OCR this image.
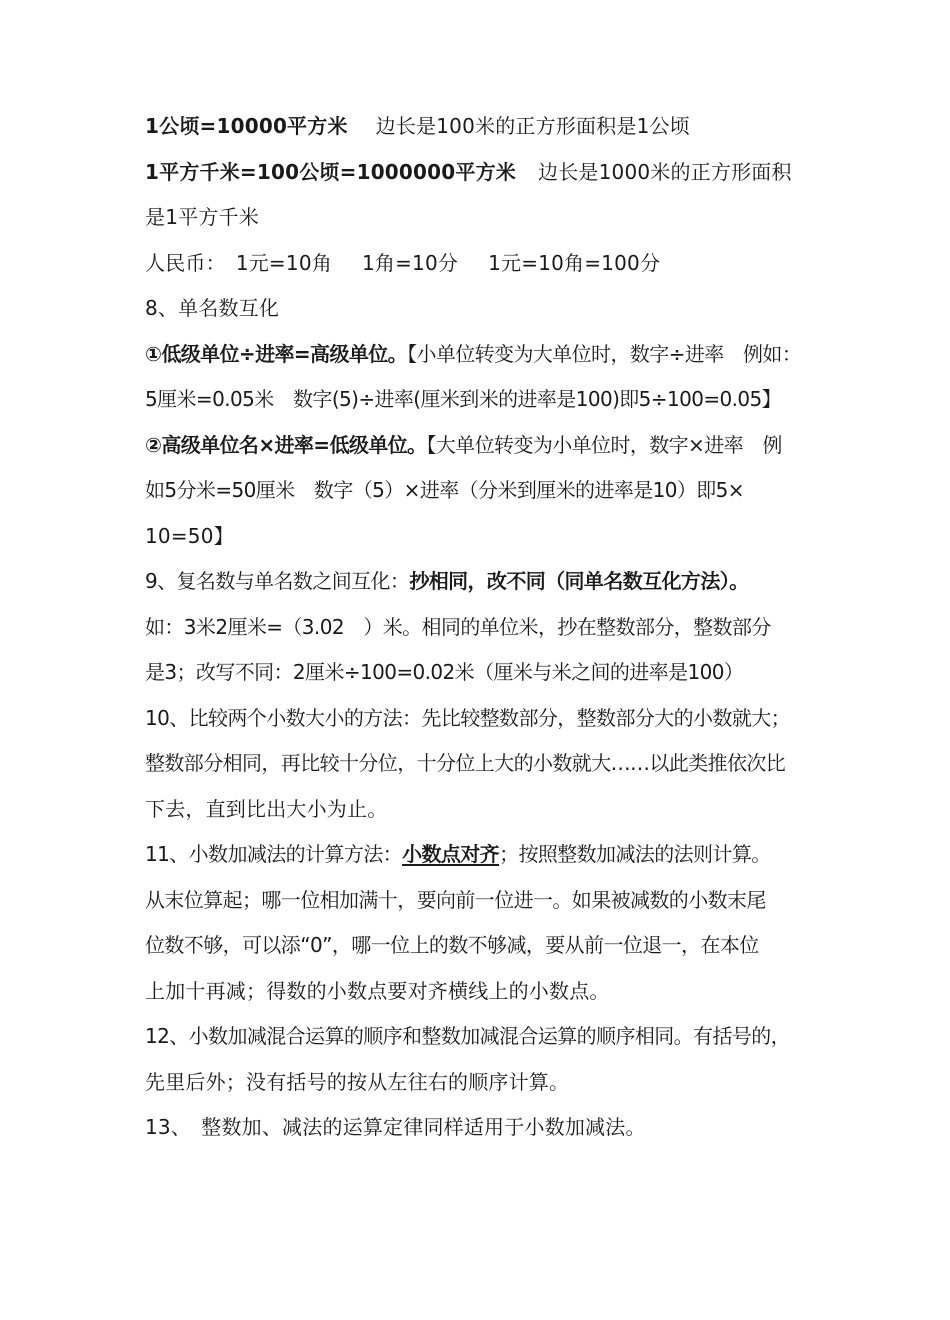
1公顷=10000平方米 边长是100米的正方形面积是1公顷
1平方千米=100公顷=1000000平方米 边长是1000米的正方形面积
是1平方千米
人民币： 1元=10角 1角=10分 1元=10角=100分
8、单名数互化
①低级单位÷进率=高级单位。【小单位转变为大单位时，数字÷进率　例如：
5厘米=0.05米　数字(5)÷进率(厘米到米的进率是100)即5÷100=0.05】
②高级单位名×进率=低级单位。【大单位转变为小单位时，数字×进率　例
如5分米=50厘米　数字（5）×进率（分米到厘米的进率是10）即5×
10=50】
9、复名数与单名数之间互化：抄相同，改不同（同单名数互化方法）。
如：3米2厘米=（3.02　）米。相同的单位米，抄在整数部分，整数部分
是3；改写不同：2厘米÷100=0.02米（厘米与米之间的进率是100）
10、比较两个小数大小的方法：先比较整数部分，整数部分大的小数就大；
整数部分相同，再比较十分位，十分位上大的小数就大……以此类推依次比
下去，直到比出大小为止。
11、小数加减法的计算方法：小数点对齐；按照整数加减法的法则计算。
从末位算起；哪一位相加满十，要向前一位进一。如果被减数的小数末尾
位数不够，可以添“0”，哪一位上的数不够减，要从前一位退一，在本位
上加十再减；得数的小数点要对齐横线上的小数点。
12、小数加减混合运算的顺序和整数加减混合运算的顺序相同。有括号的，
先里后外；没有括号的按从左往右的顺序计算。
13、　整数加、减法的运算定律同样适用于小数加减法。
